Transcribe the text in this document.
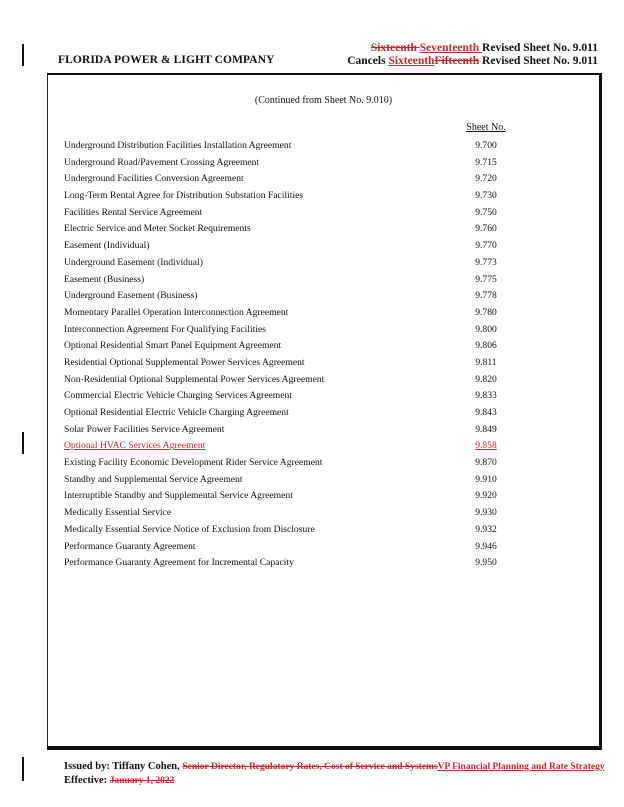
FLORIDA POWER & LIGHT COMPANY
Sixteenth Seventeenth Revised Sheet No. 9.011
Cancels SixteenthFifteenth Revised Sheet No. 9.011
(Continued from Sheet No. 9.010)
Sheet No.
Underground Distribution Facilities Installation Agreement	9.700
Underground Road/Pavement Crossing Agreement	9.715
Underground Facilities Conversion Agreement	9.720
Long-Term Rental Agree for Distribution Substation Facilities	9.730
Facilities Rental Service Agreement	9.750
Electric Service and Meter Socket Requirements	9.760
Easement (Individual)	9.770
Underground Easement (Individual)	9.773
Easement (Business)	9.775
Underground Easement (Business)	9.778
Momentary Parallel Operation Interconnection Agreement	9.780
Interconnection Agreement For Qualifying Facilities	9.800
Optional Residential Smart Panel Equipment Agreement	9.806
Residential Optional Supplemental Power Services Agreement	9.811
Non-Residential Optional Supplemental Power Services Agreement	9.820
Commercial Electric Vehicle Charging Services Agreement	9.833
Optional Residential Electric Vehicle Charging Agreement	9.843
Solar Power Facilities Service Agreement	9.849
Optional HVAC Services Agreement	9.858
Existing Facility Economic Development Rider Service Agreement	9.870
Standby and Supplemental Service Agreement	9.910
Interruptible Standby and Supplemental Service Agreement	9.920
Medically Essential Service	9.930
Medically Essential Service Notice of Exclusion from Disclosure	9.932
Performance Guaranty Agreement	9.946
Performance Guaranty Agreement for Incremental Capacity	9.950
Issued by: Tiffany Cohen, Senior Director, Regulatory Rates, Cost of Service and SystemsVP Financial Planning and Rate Strategy
Effective: January 1, 2022
